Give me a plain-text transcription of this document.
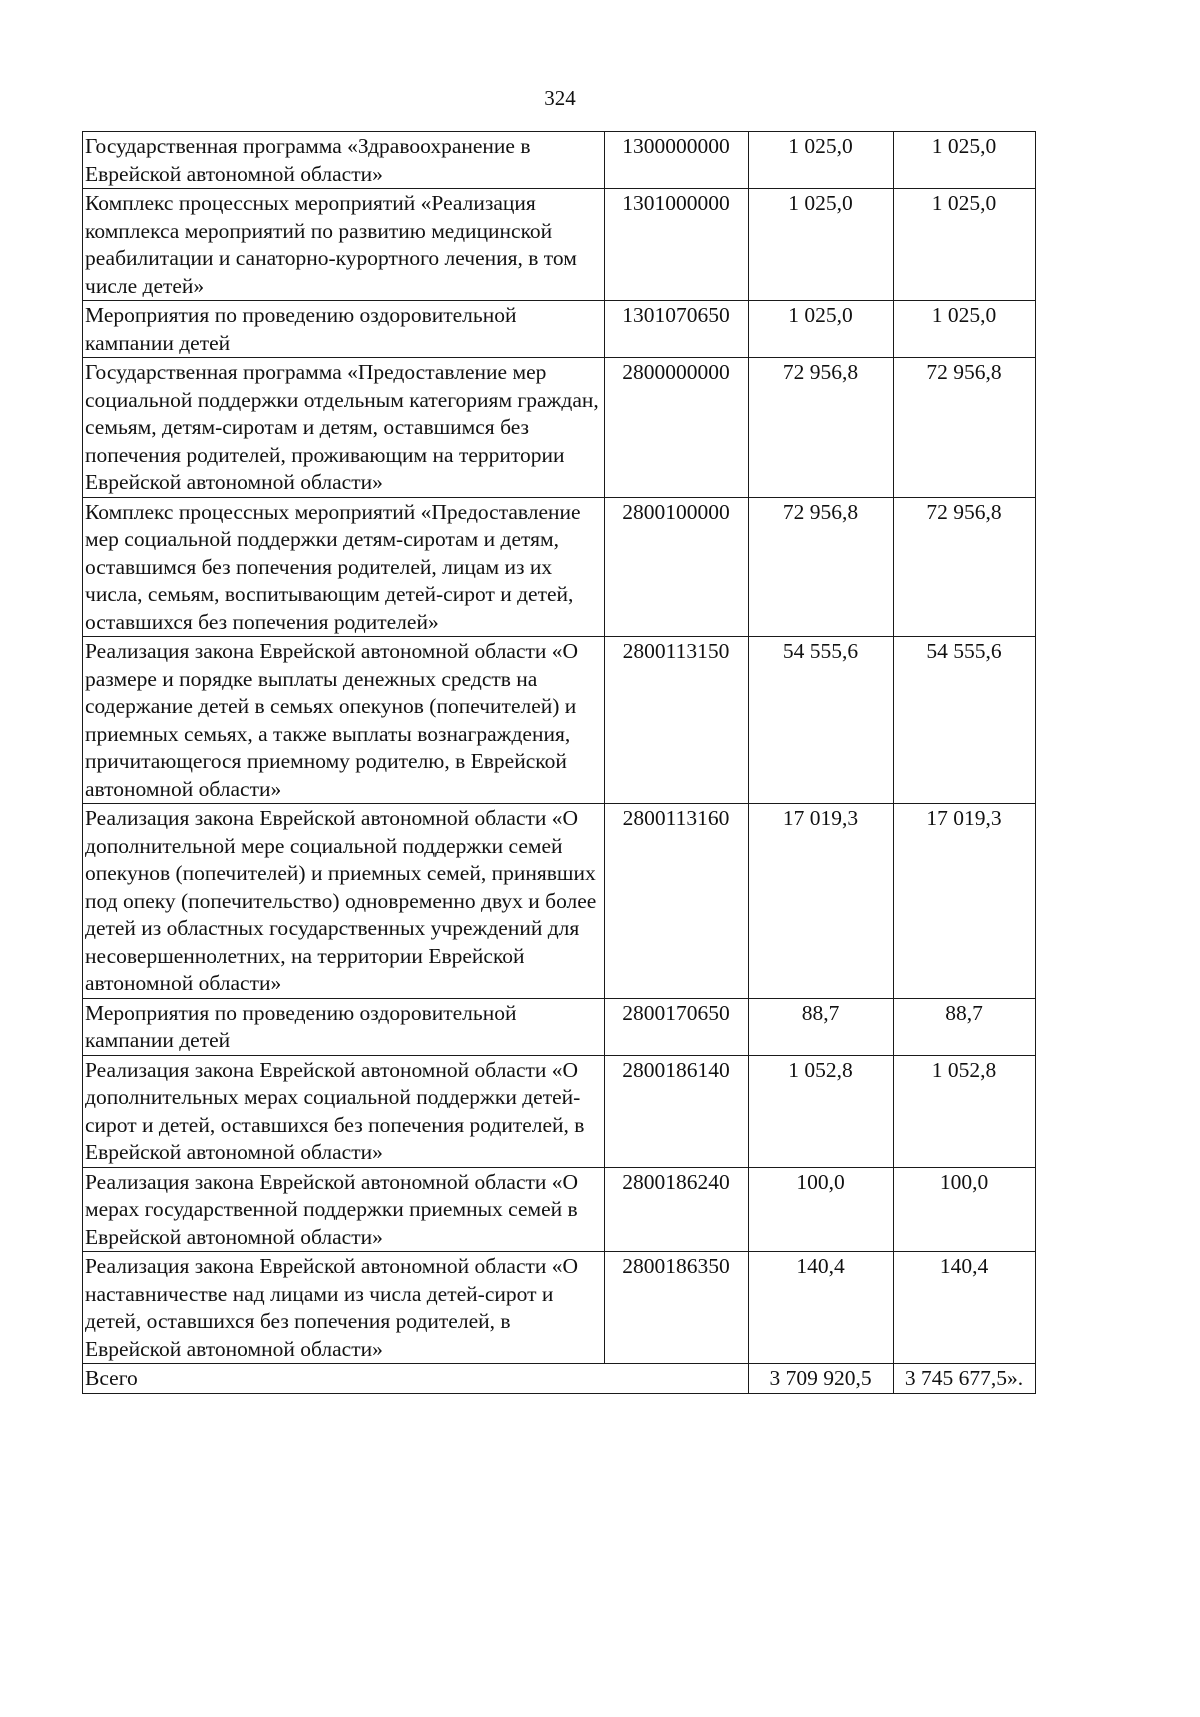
324
Государственная программа «Здравоохранение в Еврейской автономной области»	1300000000	1 025,0	1 025,0
Комплекс процессных мероприятий «Реализация комплекса мероприятий по развитию медицинской реабилитации и санаторно-курортного лечения, в том числе детей»	1301000000	1 025,0	1 025,0
Мероприятия по проведению оздоровительной кампании детей	1301070650	1 025,0	1 025,0
Государственная программа «Предоставление мер социальной поддержки отдельным категориям граждан, семьям, детям-сиротам и детям, оставшимся без попечения родителей, проживающим на территории Еврейской автономной области»	2800000000	72 956,8	72 956,8
Комплекс процессных мероприятий «Предоставление мер социальной поддержки детям-сиротам и детям, оставшимся без попечения родителей, лицам из их числа, семьям, воспитывающим детей-сирот и детей, оставшихся без попечения родителей»	2800100000	72 956,8	72 956,8
Реализация закона Еврейской автономной области «О размере и порядке выплаты денежных средств на содержание детей в семьях опекунов (попечителей) и приемных семьях, а также выплаты вознаграждения, причитающегося приемному родителю, в Еврейской автономной области»	2800113150	54 555,6	54 555,6
Реализация закона Еврейской автономной области «О дополнительной мере социальной поддержки семей опекунов (попечителей) и приемных семей, принявших под опеку (попечительство) одновременно двух и более детей из областных государственных учреждений для несовершеннолетних, на территории Еврейской автономной области»	2800113160	17 019,3	17 019,3
Мероприятия по проведению оздоровительной кампании детей	2800170650	88,7	88,7
Реализация закона Еврейской автономной области «О дополнительных мерах социальной поддержки детей-сирот и детей, оставшихся без попечения родителей, в Еврейской автономной области»	2800186140	1 052,8	1 052,8
Реализация закона Еврейской автономной области «О мерах государственной поддержки приемных семей в Еврейской автономной области»	2800186240	100,0	100,0
Реализация закона Еврейской автономной области «О наставничестве над лицами из числа детей-сирот и детей, оставшихся без попечения родителей, в Еврейской автономной области»	2800186350	140,4	140,4
Всего		3 709 920,5	3 745 677,5».
